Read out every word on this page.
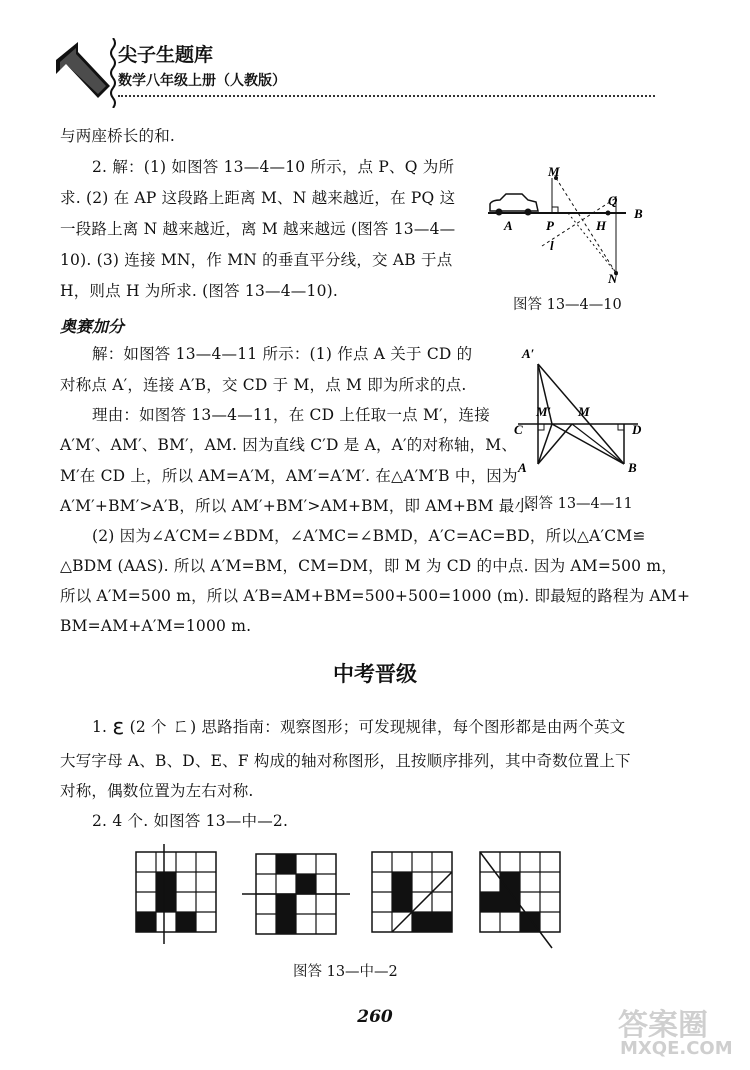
尖子生题库
数学八年级上册（人教版）
与两座桥长的和.
2. 解：(1) 如图答 13—4—10 所示，点 P、Q 为所
求. (2) 在 AP 这段路上距离 M、N 越来越近，在 PQ 这
一段路上离 N 越来越近，离 M 越来越远 (图答 13—4—
10). (3) 连接 MN，作 MN 的垂直平分线，交 AB 于点
H，则点 H 为所求. (图答 13—4—10).
M
Q
B
A	P	H
l
N
图答 13—4—10
奥赛加分
解：如图答 13—4—11 所示：(1) 作点 A 关于 CD 的
对称点 A′，连接 A′B，交 CD 于 M，点 M 即为所求的点.
理由：如图答 13—4—11，在 CD 上任取一点 M′，连接
A′M′、AM′、BM′，AM. 因为直线 C′D 是 A，A′的对称轴，M、
M′在 CD 上，所以 AM=A′M，AM′=A′M′. 在△A′M′B 中，因为
A′M′+BM′>A′B，所以 AM′+BM′>AM+BM，即 AM+BM 最小.
A′
M′ M
C	D
A	B
图答 13—4—11
(2) 因为∠A′CM=∠BDM，∠A′MC=∠BMD，A′C=AC=BD，所以△A′CM≌
△BDM (AAS). 所以 A′M=BM，CM=DM，即 M 为 CD 的中点. 因为 AM=500 m，
所以 A′M=500 m，所以 A′B=AM+BM=500+500=1000 (m). 即最短的路程为 AM+
BM=AM+A′M=1000 m.
中考晋级
1. ε (2 个 ㄈ) 思路指南：观察图形；可发现规律，每个图形都是由两个英文
大写字母 A、B、D、E、F 构成的轴对称图形，且按顺序排列，其中奇数位置上下
对称，偶数位置为左右对称.
2. 4 个. 如图答 13—中—2.
图答 13—中—2
260	答案圈
MXQE.COM
